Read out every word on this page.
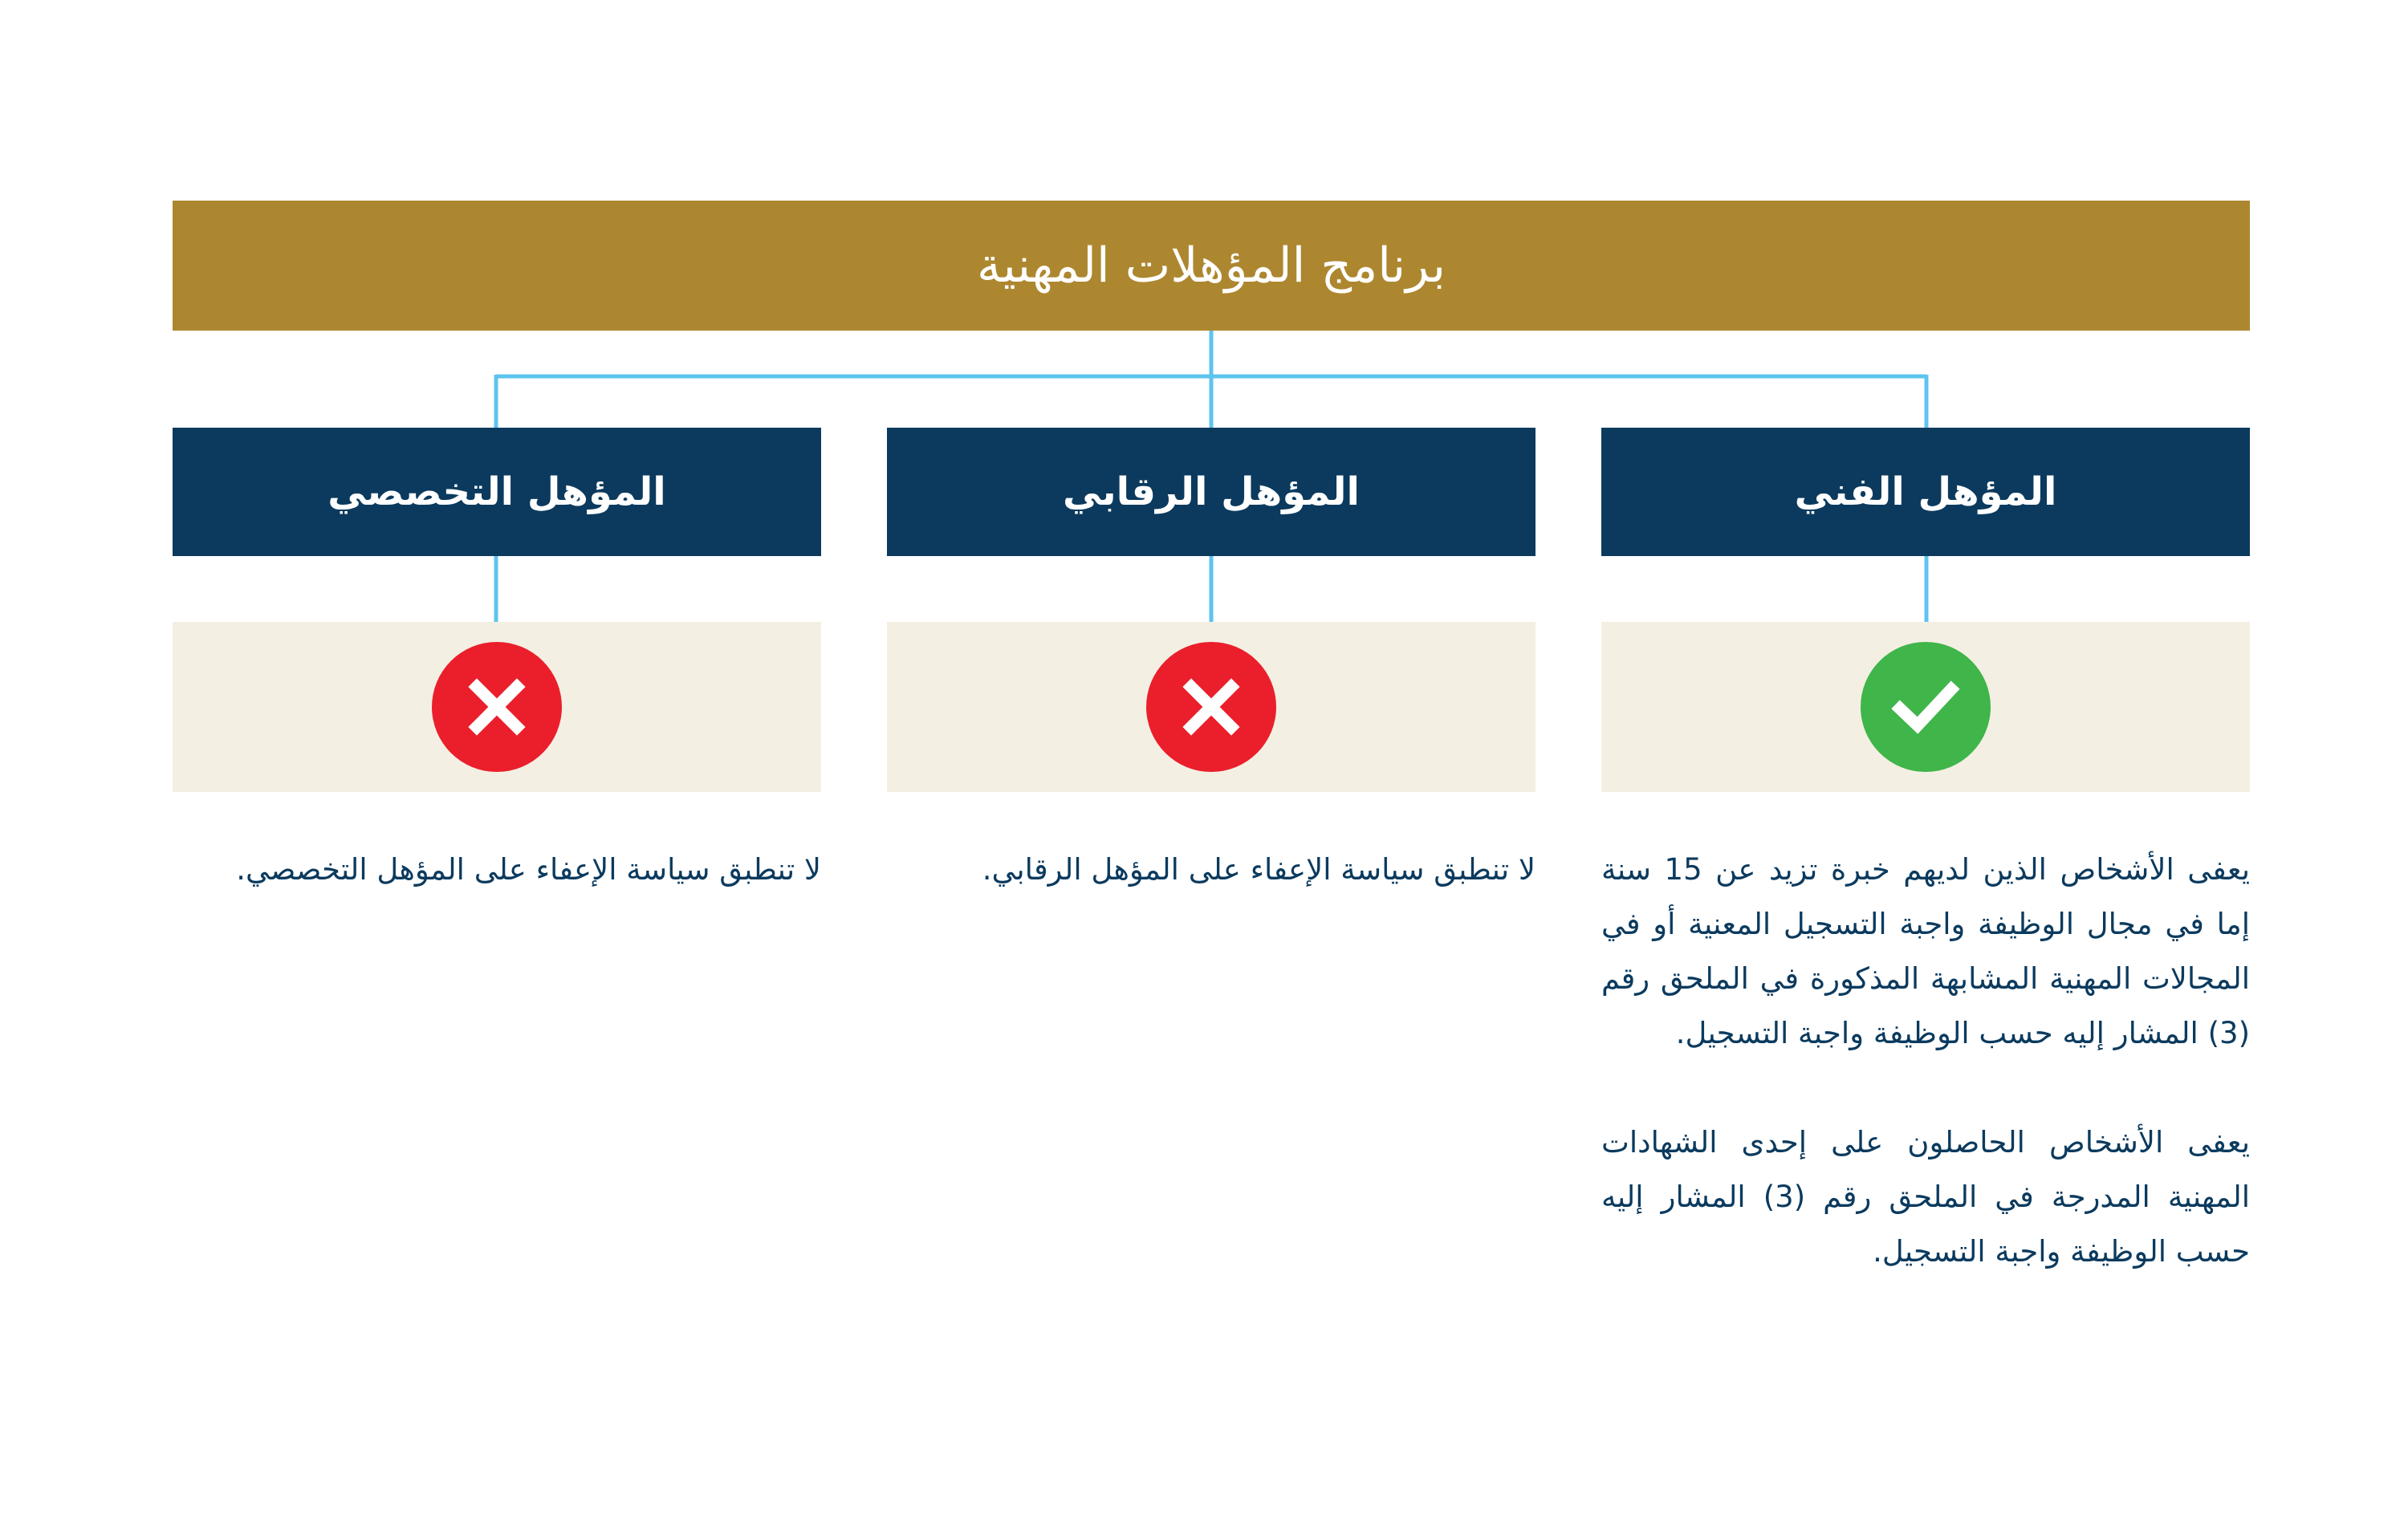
برنامج المؤهلات المهنية
المؤهل الفني

يعفى الأشخاص الذين لديهم خبرة تزيد عن 15 سنة إما في مجال الوظيفة واجبة التسجيل المعنية أو في المجالات المهنية المشابهة المذكورة في الملحق رقم (3) المشار إليه حسب الوظيفة واجبة التسجيل.

يعفى الأشخاص الحاصلون على إحدى الشهادات المهنية المدرجة في الملحق رقم (3) المشار إليه حسب الوظيفة واجبة التسجيل.

المؤهل الرقابي

لا تنطبق سياسة الإعفاء على المؤهل الرقابي.

المؤهل التخصصي

لا تنطبق سياسة الإعفاء على المؤهل التخصصي.
